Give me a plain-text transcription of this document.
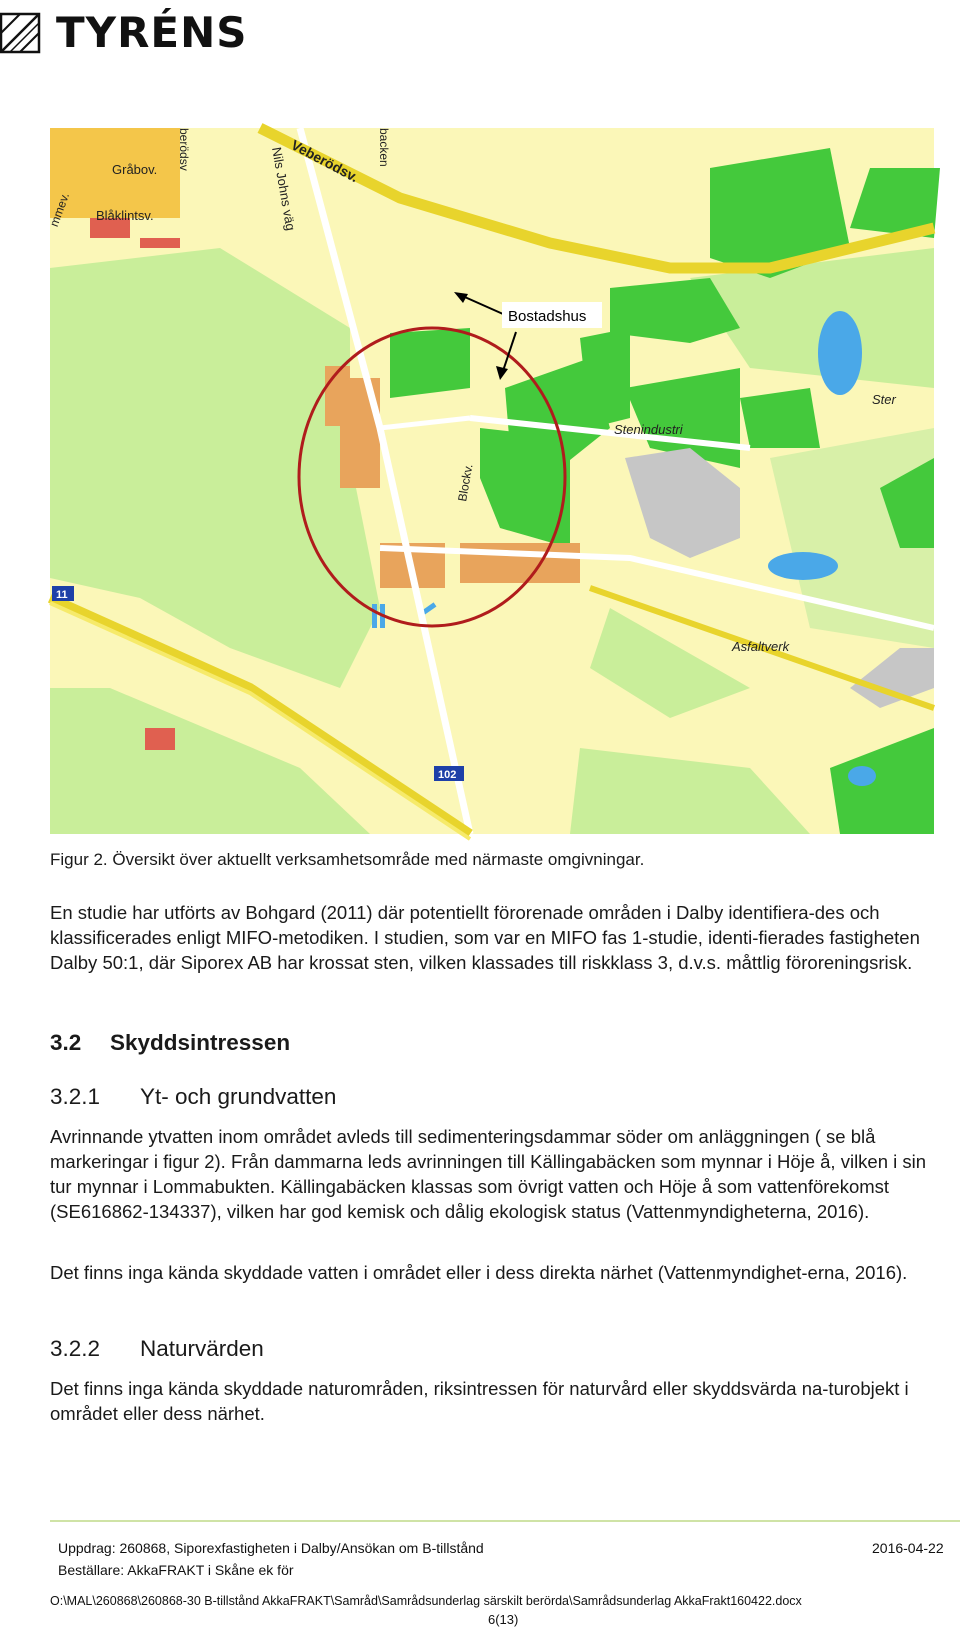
TYRÉNS
Bostadshus
Gråbov.
Blåklintsv.
mmev.
berödsv	Nils Johns väg
Veberödsv. backen
Stenindustri
Ster
Blockv.
Asfaltverk
11
102
Figur 2. Översikt över aktuellt verksamhetsområde med närmaste omgivningar.

En studie har utförts av Bohgard (2011) där potentiellt förorenade områden i Dalby identifiera-des och klassificerades enligt MIFO-metodiken. I studien, som var en MIFO fas 1-studie, identi-fierades fastigheten Dalby 50:1, där Siporex AB har krossat sten, vilken klassades till riskklass 3, d.v.s. måttlig föroreningsrisk.

3.2 Skyddsintressen
3.2.1 Yt- och grundvatten

Avrinnande ytvatten inom området avleds till sedimenteringsdammar söder om anläggningen ( se blå markeringar i figur 2). Från dammarna leds avrinningen till Källingabäcken som mynnar i Höje å, vilken i sin tur mynnar i Lommabukten. Källingabäcken klassas som övrigt vatten och Höje å som vattenförekomst (SE616862-134337), vilken har god kemisk och dålig ekologisk status (Vattenmyndigheterna, 2016).

Det finns inga kända skyddade vatten i området eller i dess direkta närhet (Vattenmyndighet-erna, 2016).

3.2.2 Naturvärden

Det finns inga kända skyddade naturområden, riksintressen för naturvård eller skyddsvärda na-turobjekt i området eller dess närhet.

Uppdrag: 260868, Siporexfastigheten i Dalby/Ansökan om B-tillstånd	2016-04-22
Beställare: AkkaFRAKT i Skåne ek för
O:\MAL\260868\260868-30 B-tillstånd AkkaFRAKT\Samråd\Samrådsunderlag särskilt berörda\Samrådsunderlag AkkaFrakt160422.docx
6(13)
